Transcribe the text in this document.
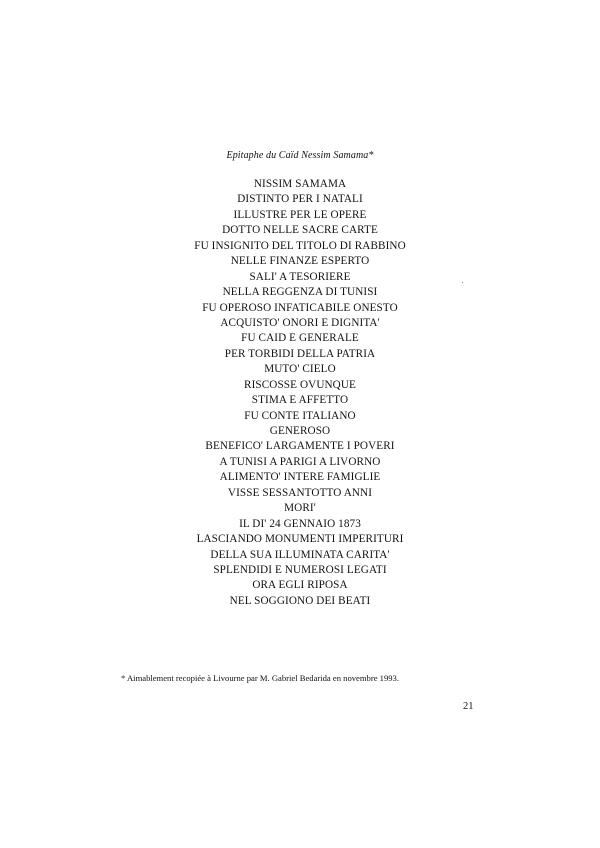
Epitaphe du Caïd Nessim Samama*
NISSIM SAMAMA
DISTINTO PER I NATALI
ILLUSTRE PER LE OPERE
DOTTO NELLE SACRE CARTE
FU INSIGNITO DEL TITOLO DI RABBINO
NELLE FINANZE ESPERTO
SALI' A TESORIERE
NELLA REGGENZA DI TUNISI
FU OPEROSO INFATICABILE ONESTO
ACQUISTO' ONORI E DIGNITA'
FU CAID E GENERALE
PER TORBIDI DELLA PATRIA
MUTO' CIELO
RISCOSSE OVUNQUE
STIMA E AFFETTO
FU CONTE ITALIANO
GENEROSO
BENEFICO' LARGAMENTE I POVERI
A TUNISI A PARIGI A LIVORNO
ALIMENTO' INTERE FAMIGLIE
VISSE SESSANTOTTO ANNI
MORI'
IL DI' 24 GENNAIO 1873
LASCIANDO MONUMENTI IMPERITURI
DELLA SUA ILLUMINATA CARITA'
SPLENDIDI E NUMEROSI LEGATI
ORA EGLI RIPOSA
NEL SOGGIONO DEI BEATI
* Aimablement recopiée à Livourne par M. Gabriel Bedarida en novembre 1993.
21
